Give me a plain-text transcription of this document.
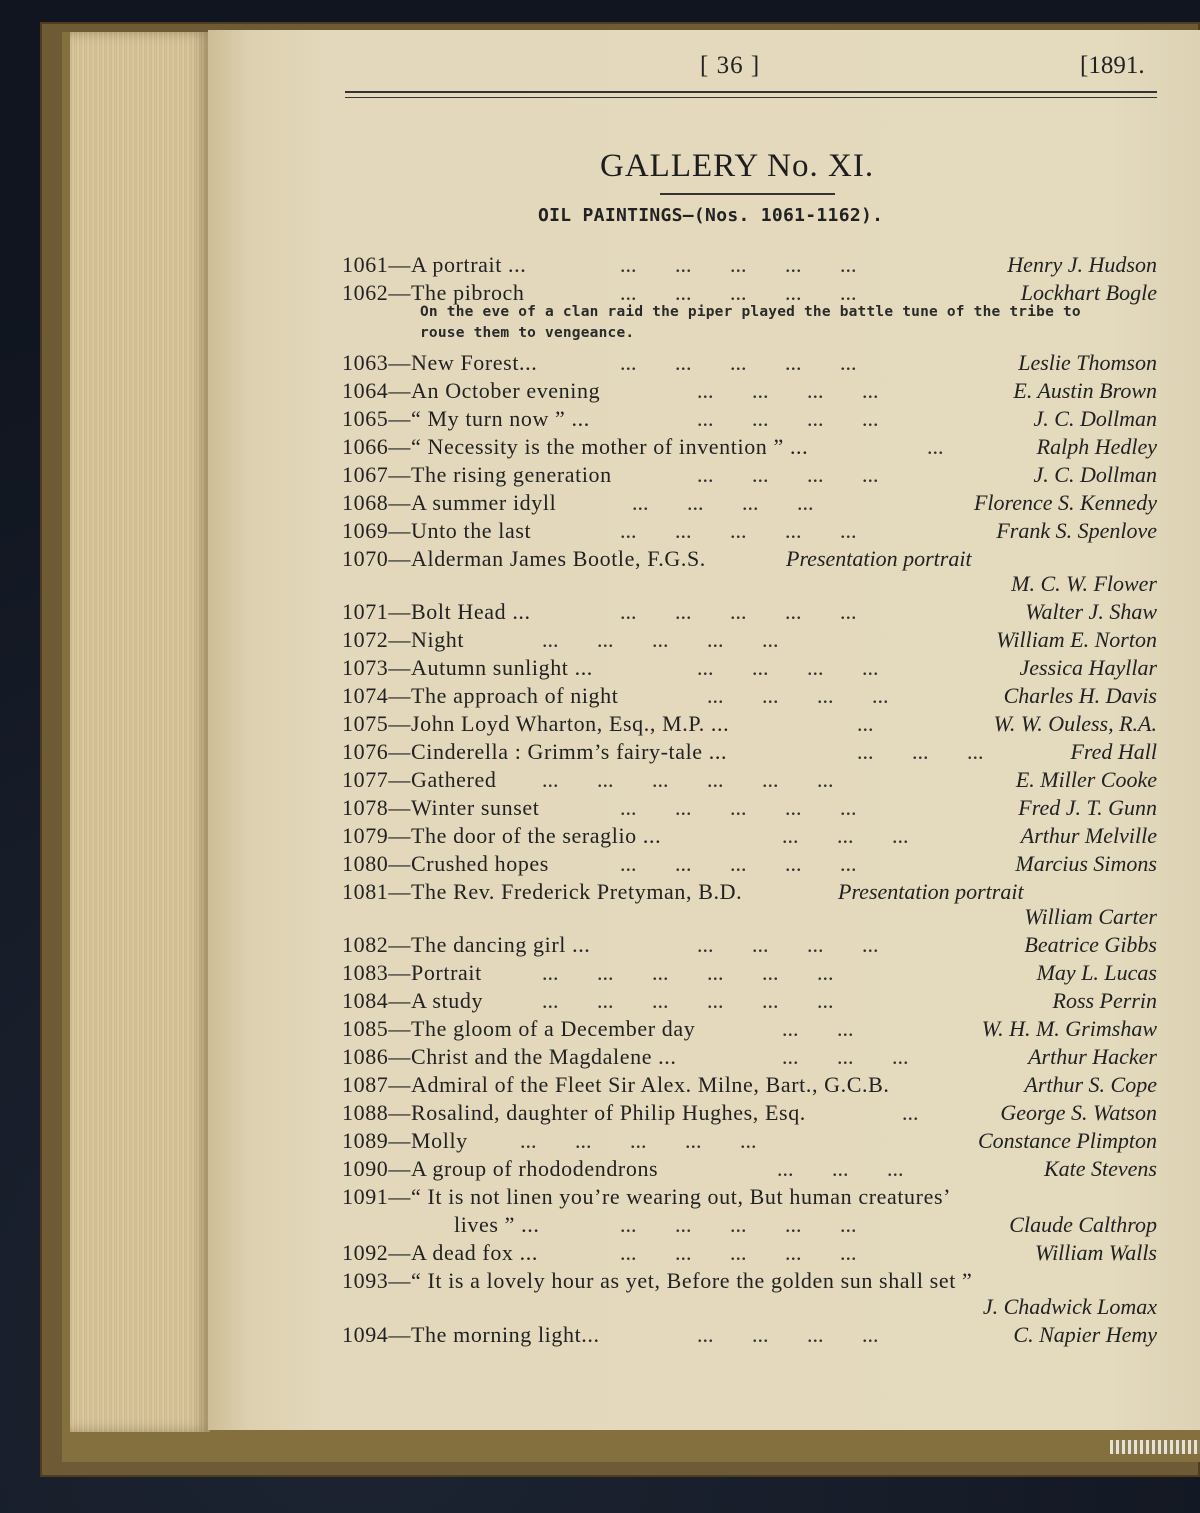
[ 36 ]	[1891.
GALLERY No. XI.
OIL PAINTINGS—(Nos. 1061-1162).
1061—A portrait ...	...       ...       ...       ...       ...	Henry J. Hudson
1062—The pibroch	...       ...       ...       ...       ...	Lockhart Bogle
On the eve of a clan raid the piper played the battle tune of the tribe to
rouse them to vengeance.
1063—New Forest...	...       ...       ...       ...       ...	Leslie Thomson
1064—An October evening	...       ...       ...       ...	E. Austin Brown
1065—“ My turn now ” ...	...       ...       ...       ...	J. C. Dollman
1066—“ Necessity is the mother of invention ” ...	...	Ralph Hedley
1067—The rising generation	...       ...       ...       ...	J. C. Dollman
1068—A summer idyll	...       ...       ...       ...	Florence S. Kennedy
1069—Unto the last	...       ...       ...       ...       ...	Frank S. Spenlove
1070—Alderman James Bootle, F.G.S.	Presentation portrait
M. C. W. Flower
1071—Bolt Head ...	...       ...       ...       ...       ...	Walter J. Shaw
1072—Night	...       ...       ...       ...       ...	William E. Norton
1073—Autumn sunlight ...	...       ...       ...       ...	Jessica Hayllar
1074—The approach of night	...       ...       ...       ...	Charles H. Davis
1075—John Loyd Wharton, Esq., M.P. ...	...	W. W. Ouless, R.A.
1076—Cinderella : Grimm’s fairy-tale ...	...       ...       ...	Fred Hall
1077—Gathered ...       ...       ...       ...       ...       ...	E. Miller Cooke
1078—Winter sunset	...       ...       ...       ...       ...	Fred J. T. Gunn
1079—The door of the seraglio ...	...       ...       ...	Arthur Melville
1080—Crushed hopes	...       ...       ...       ...       ...	Marcius Simons
1081—The Rev. Frederick Pretyman, B.D.	Presentation portrait
William Carter
1082—The dancing girl ...	...       ...       ...       ...	Beatrice Gibbs
1083—Portrait	...       ...       ...       ...       ...       ...	May L. Lucas
1084—A study	...       ...       ...       ...       ...       ...	Ross Perrin
1085—The gloom of a December day	...       ...	W. H. M. Grimshaw
1086—Christ and the Magdalene ...	...       ...       ...	Arthur Hacker
1087—Admiral of the Fleet Sir Alex. Milne, Bart., G.C.B.	Arthur S. Cope
1088—Rosalind, daughter of Philip Hughes, Esq.	...	George S. Watson
1089—Molly ...       ...       ...       ...       ...	Constance Plimpton
1090—A group of rhododendrons	...       ...       ...	Kate Stevens
1091—“ It is not linen you’re wearing out, But human creatures’
lives ” ...	...       ...       ...       ...       ...	Claude Calthrop
1092—A dead fox ...	...       ...       ...       ...       ...	William Walls
1093—“ It is a lovely hour as yet, Before the golden sun shall set ”
J. Chadwick Lomax
1094—The morning light...	...       ...       ...       ...	C. Napier Hemy
